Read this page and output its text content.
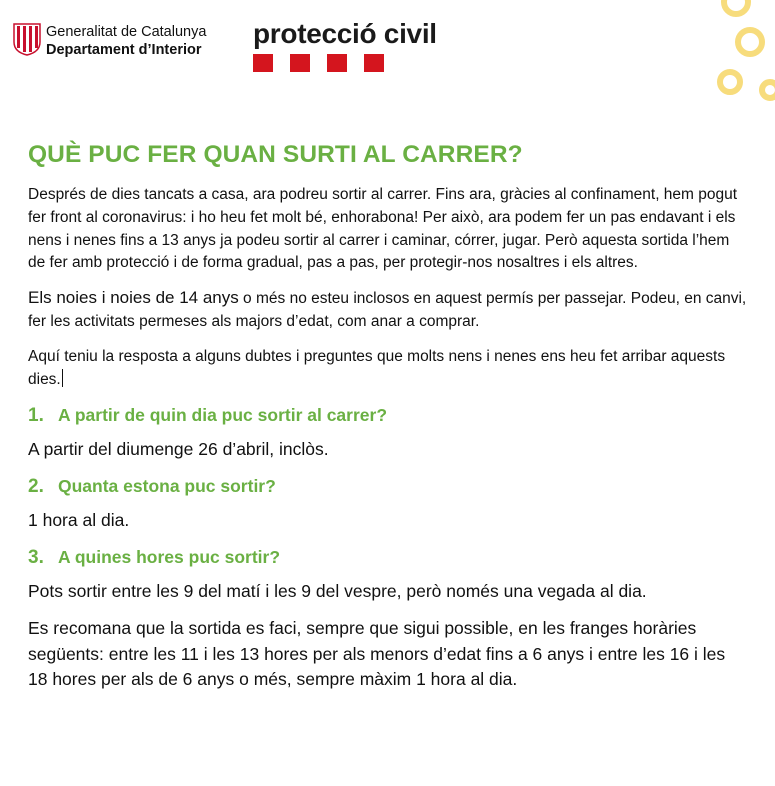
Generalitat de Catalunya
Departament d’Interior
protecció civil
QUÈ PUC FER QUAN SURTI AL CARRER?

Després de dies tancats a casa, ara podreu sortir al carrer. Fins ara, gràcies al confinament, hem pogut fer front al coronavirus: i ho heu fet molt bé, enhorabona! Per això, ara podem fer un pas endavant i els nens i nenes fins a 13 anys ja podeu sortir al carrer i caminar, córrer, jugar. Però aquesta sortida l’hem de fer amb protecció i de forma gradual, pas a pas, per protegir-nos nosaltres i els altres.

Els noies i noies de 14 anys o més no esteu inclosos en aquest permís per passejar. Podeu, en canvi, fer les activitats permeses als majors d’edat, com anar a comprar.

Aquí teniu la resposta a alguns dubtes i preguntes que molts nens i nenes ens heu fet arribar aquests dies.

1. A partir de quin dia puc sortir al carrer?

A partir del diumenge 26 d’abril, inclòs.

2. Quanta estona puc sortir?

1 hora al dia.

3. A quines hores puc sortir?

Pots sortir entre les 9 del matí i les 9 del vespre, però només una vegada al dia.

Es recomana que la sortida es faci, sempre que sigui possible, en les franges horàries següents: entre les 11 i les 13 hores per als menors d’edat fins a 6 anys i entre les 16 i les 18 hores per als de 6 anys o més, sempre màxim 1 hora al dia.
